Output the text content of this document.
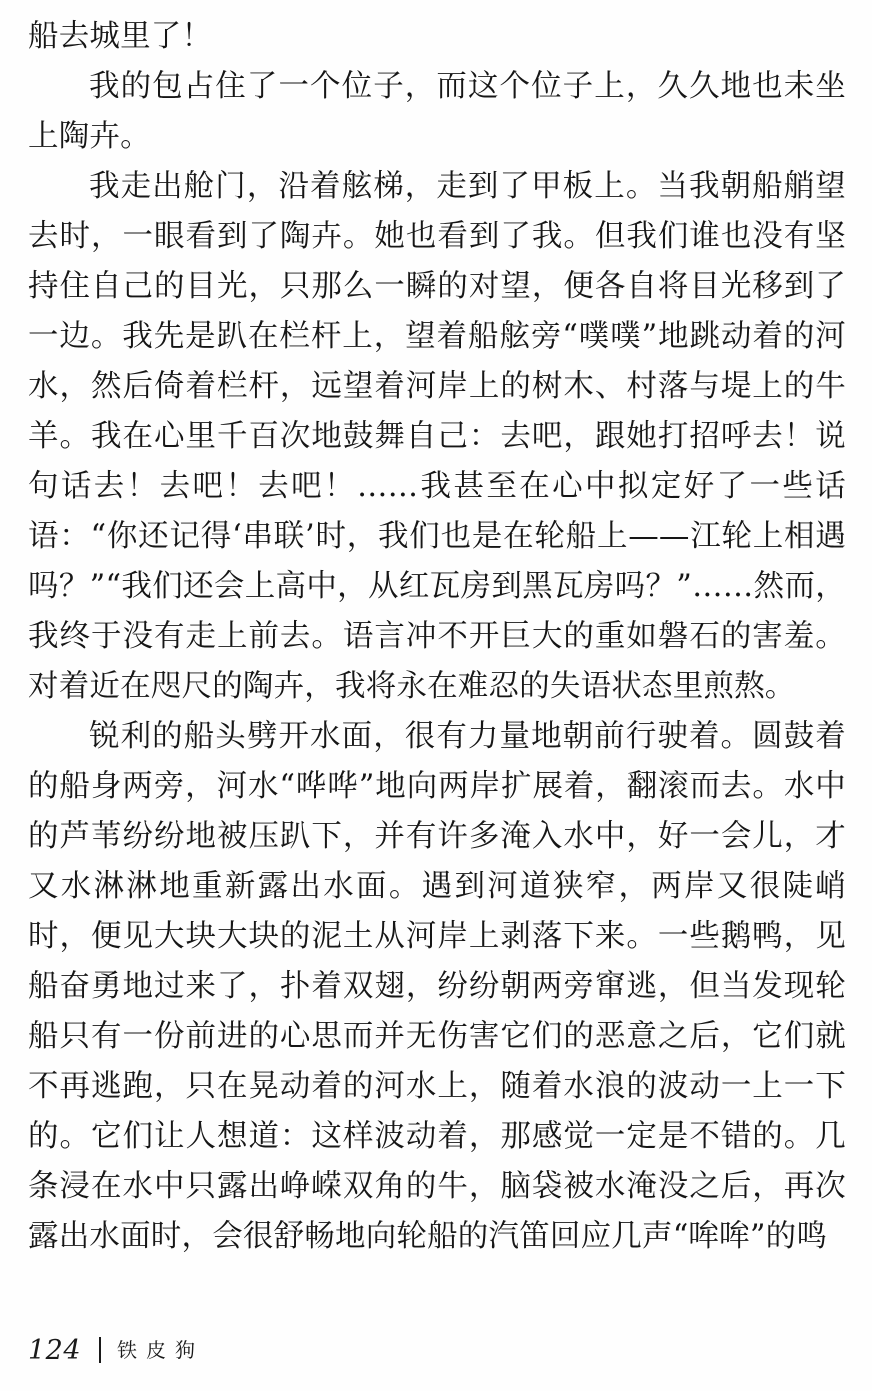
船去城里了！

我的包占住了一个位子，而这个位子上，久久地也未坐上陶卉。

我走出舱门，沿着舷梯，走到了甲板上。当我朝船艄望去时，一眼看到了陶卉。她也看到了我。但我们谁也没有坚持住自己的目光，只那么一瞬的对望，便各自将目光移到了一边。我先是趴在栏杆上，望着船舷旁“噗噗”地跳动着的河水，然后倚着栏杆，远望着河岸上的树木、村落与堤上的牛羊。我在心里千百次地鼓舞自己：去吧，跟她打招呼去！说句话去！去吧！去吧！……我甚至在心中拟定好了一些话语：“你还记得‘串联’时，我们也是在轮船上——江轮上相遇吗？”“我们还会上高中，从红瓦房到黑瓦房吗？”……然而，我终于没有走上前去。语言冲不开巨大的重如磐石的害羞。对着近在咫尺的陶卉，我将永在难忍的失语状态里煎熬。

锐利的船头劈开水面，很有力量地朝前行驶着。圆鼓着的船身两旁，河水“哗哗”地向两岸扩展着，翻滚而去。水中的芦苇纷纷地被压趴下，并有许多淹入水中，好一会儿，才又水淋淋地重新露出水面。遇到河道狭窄，两岸又很陡峭时，便见大块大块的泥土从河岸上剥落下来。一些鹅鸭，见船奋勇地过来了，扑着双翅，纷纷朝两旁窜逃，但当发现轮船只有一份前进的心思而并无伤害它们的恶意之后，它们就不再逃跑，只在晃动着的河水上，随着水浪的波动一上一下的。它们让人想道：这样波动着，那感觉一定是不错的。几条浸在水中只露出峥嵘双角的牛，脑袋被水淹没之后，再次露出水面时，会很舒畅地向轮船的汽笛回应几声“哞哞”的鸣

124 铁皮狗
